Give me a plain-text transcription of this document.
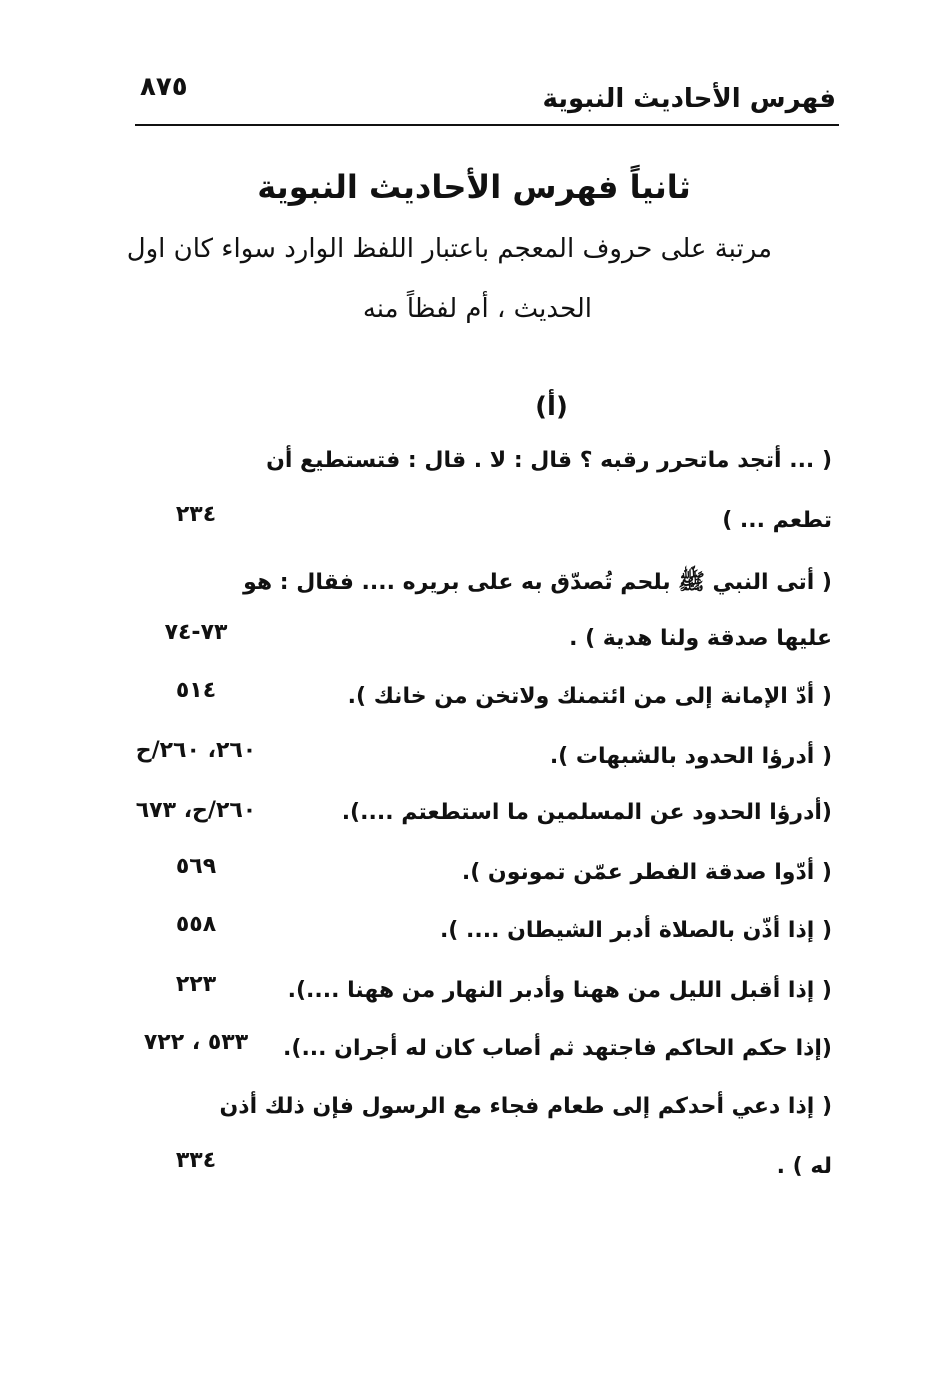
٨٧٥	فهرس الأحاديث النبوية
ثانياً فهرس الأحاديث النبوية
مرتبة على حروف المعجم باعتبار اللفظ الوارد سواء كان اول
الحديث ، أم لفظاً منه
(أ)
( ... أتجد ماتحرر رقبه ؟ قال : لا . قال : فتستطيع أن
تطعم ... )
٢٣٤
( أتى النبي ﷺ بلحم تُصدّق به على بريره .... فقال : هو
عليها صدقة ولنا هدية ) .
٧٣-٧٤
( أدّ الإمانة إلى من ائتمنك ولاتخن من خانك ).
٥١٤
( أدرؤا الحدود بالشبهات ).
٢٦٠، ٢٦٠/ح
(أدرؤا الحدود عن المسلمين ما استطعتم ....).
٢٦٠/ح، ٦٧٣
( أدّوا صدقة الفطر عمّن تمونون ).
٥٦٩
( إذا أذّن بالصلاة أدبر الشيطان .... ).
٥٥٨
( إذا أقبل الليل من ههنا وأدبر النهار من ههنا ....).
٢٢٣
(إذا حكم الحاكم فاجتهد ثم أصاب كان له أجران ...).
٥٣٣ ، ٧٢٢
( إذا دعي أحدكم إلى طعام فجاء مع الرسول فإن ذلك أذن
له ) .
٣٣٤
